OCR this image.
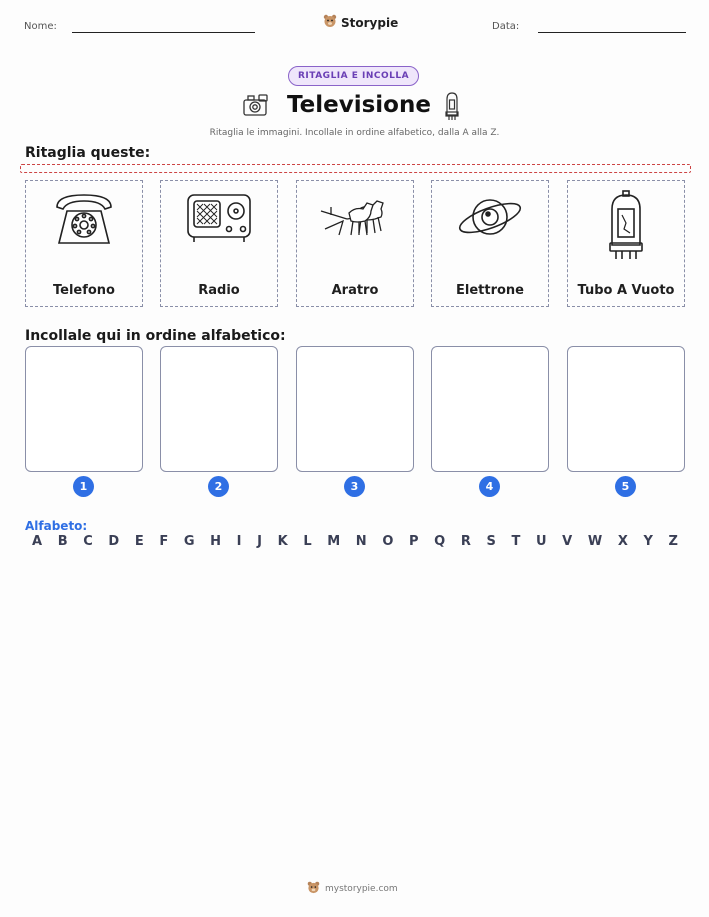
Nome:	Storypie	Data:
RITAGLIA E INCOLLA
Televisione
Ritaglia le immagini. Incollale in ordine alfabetico, dalla A alla Z.
Ritaglia queste:
Telefono	Radio	Aratro	Elettrone	Tubo A Vuoto
Incollale qui in ordine alfabetico:
1	2	3	4	5
Alfabeto:
A B C D E F G H I J K L M N O P Q R S T U V W X Y Z
mystorypie.com
